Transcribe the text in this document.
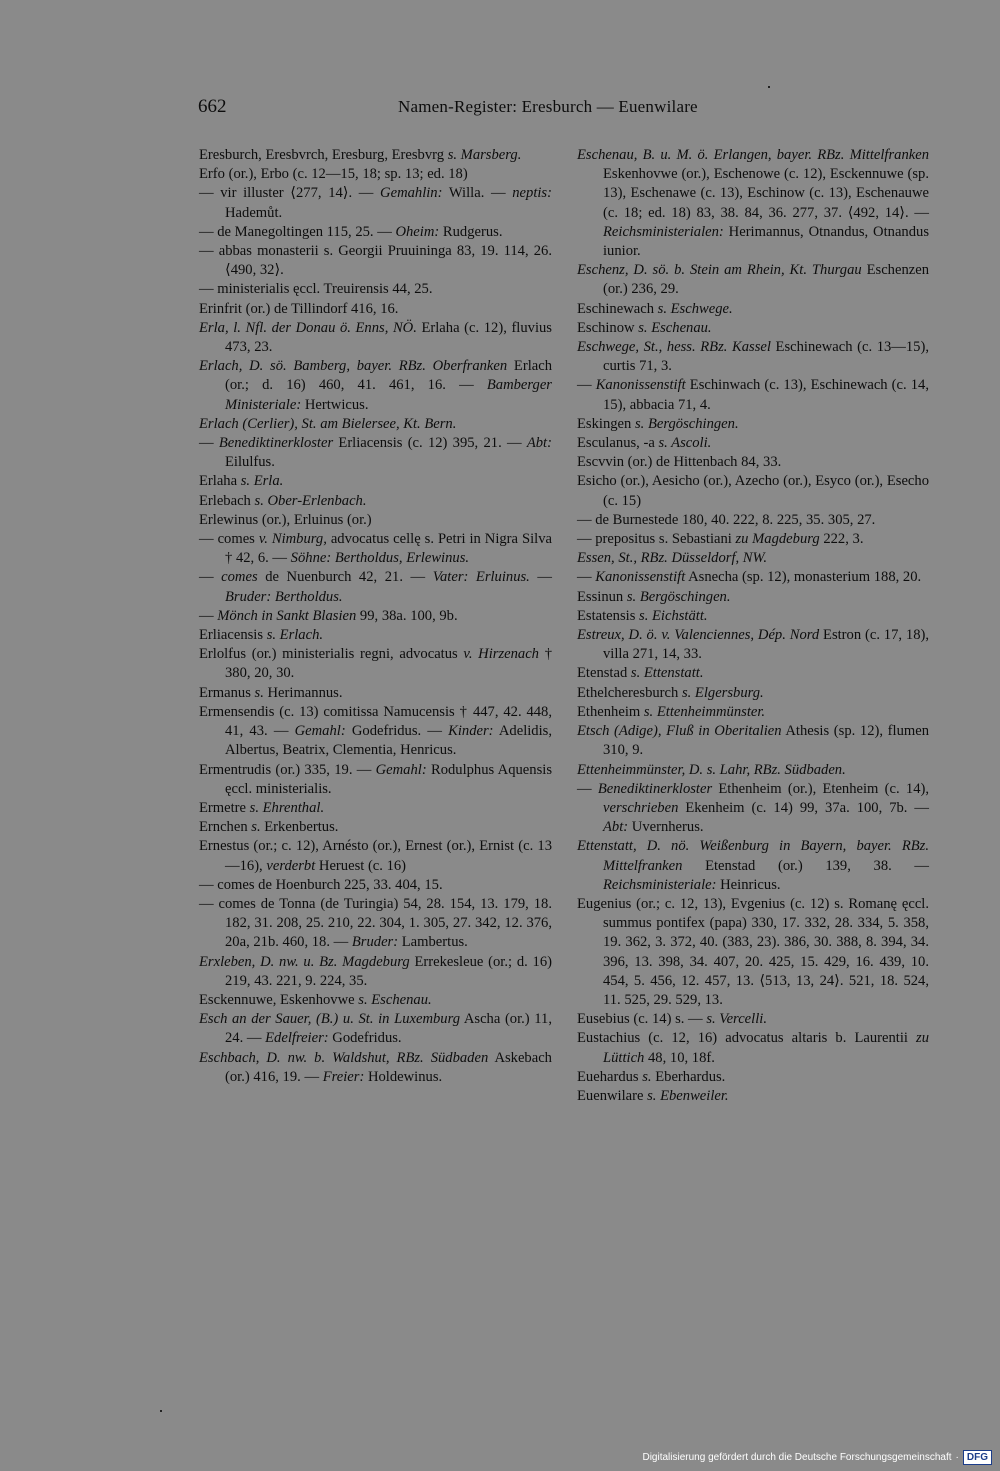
662	Namen-Register: Eresburch — Euenwilare

Eresburch, Eresbvrch, Eresburg, Eresbvrg s. Marsberg.

Erfo (or.), Erbo (c. 12—15, 18; sp. 13; ed. 18)

— vir illuster ⟨277, 14⟩. — Gemahlin: Willa. — neptis: Hademůt.

— de Manegoltingen 115, 25. — Oheim: Rudgerus.

— abbas monasterii s. Georgii Pruuininga 83, 19. 114, 26. ⟨490, 32⟩.

— ministerialis ęccl. Treuirensis 44, 25.

Erinfrit (or.) de Tillindorf 416, 16.

Erla, l. Nfl. der Donau ö. Enns, NÖ. Erlaha (c. 12), fluvius 473, 23.

Erlach, D. sö. Bamberg, bayer. RBz. Oberfranken Erlach (or.; d. 16) 460, 41. 461, 16. — Bamberger Ministeriale: Hertwicus.

Erlach (Cerlier), St. am Bielersee, Kt. Bern.

— Benediktinerkloster Erliacensis (c. 12) 395, 21. — Abt: Eilulfus.

Erlaha s. Erla.

Erlebach s. Ober-Erlenbach.

Erlewinus (or.), Erluinus (or.)

— comes v. Nimburg, advocatus cellę s. Petri in Nigra Silva † 42, 6. — Söhne: Bertholdus, Erlewinus.

— comes de Nuenburch 42, 21. — Vater: Erluinus. — Bruder: Bertholdus.

— Mönch in Sankt Blasien 99, 38a. 100, 9b.

Erliacensis s. Erlach.

Erlolfus (or.) ministerialis regni, advocatus v. Hirzenach † 380, 20, 30.

Ermanus s. Herimannus.

Ermensendis (c. 13) comitissa Namucensis † 447, 42. 448, 41, 43. — Gemahl: Godefridus. — Kinder: Adelidis, Albertus, Beatrix, Clementia, Henricus.

Ermentrudis (or.) 335, 19. — Gemahl: Rodulphus Aquensis ęccl. ministerialis.

Ermetre s. Ehrenthal.

Ernchen s. Erkenbertus.

Ernestus (or.; c. 12), Arnésto (or.), Ernest (or.), Ernist (c. 13—16), verderbt Heruest (c. 16)

— comes de Hoenburch 225, 33. 404, 15.

— comes de Tonna (de Turingia) 54, 28. 154, 13. 179, 18. 182, 31. 208, 25. 210, 22. 304, 1. 305, 27. 342, 12. 376, 20a, 21b. 460, 18. — Bruder: Lambertus.

Erxleben, D. nw. u. Bz. Magdeburg Errekesleue (or.; d. 16) 219, 43. 221, 9. 224, 35.

Esckennuwe, Eskenhovwe s. Eschenau.

Esch an der Sauer, (B.) u. St. in Luxemburg Ascha (or.) 11, 24. — Edelfreier: Godefridus.

Eschbach, D. nw. b. Waldshut, RBz. Südbaden Askebach (or.) 416, 19. — Freier: Holdewinus.

Eschenau, B. u. M. ö. Erlangen, bayer. RBz. Mittelfranken Eskenhovwe (or.), Eschenowe (c. 12), Esckennuwe (sp. 13), Eschenawe (c. 13), Eschinow (c. 13), Eschenauwe (c. 18; ed. 18) 83, 38. 84, 36. 277, 37. ⟨492, 14⟩. — Reichsministerialen: Herimannus, Otnandus, Otnandus iunior.

Eschenz, D. sö. b. Stein am Rhein, Kt. Thurgau Eschenzen (or.) 236, 29.

Eschinewach s. Eschwege.

Eschinow s. Eschenau.

Eschwege, St., hess. RBz. Kassel Eschinewach (c. 13—15), curtis 71, 3.

— Kanonissenstift Eschinwach (c. 13), Eschinewach (c. 14, 15), abbacia 71, 4.

Eskingen s. Bergöschingen.

Esculanus, -a s. Ascoli.

Escvvin (or.) de Hittenbach 84, 33.

Esicho (or.), Aesicho (or.), Azecho (or.), Esyco (or.), Esecho (c. 15)

— de Burnestede 180, 40. 222, 8. 225, 35. 305, 27.

— prepositus s. Sebastiani zu Magdeburg 222, 3.

Essen, St., RBz. Düsseldorf, NW.

— Kanonissenstift Asnecha (sp. 12), monasterium 188, 20.

Essinun s. Bergöschingen.

Estatensis s. Eichstätt.

Estreux, D. ö. v. Valenciennes, Dép. Nord Estron (c. 17, 18), villa 271, 14, 33.

Etenstad s. Ettenstatt.

Ethelcheresburch s. Elgersburg.

Ethenheim s. Ettenheimmünster.

Etsch (Adige), Fluß in Oberitalien Athesis (sp. 12), flumen 310, 9.

Ettenheimmünster, D. s. Lahr, RBz. Südbaden.

— Benediktinerkloster Ethenheim (or.), Etenheim (c. 14), verschrieben Ekenheim (c. 14) 99, 37a. 100, 7b. — Abt: Uvernherus.

Ettenstatt, D. nö. Weißenburg in Bayern, bayer. RBz. Mittelfranken Etenstad (or.) 139, 38. — Reichsministeriale: Heinricus.

Eugenius (or.; c. 12, 13), Evgenius (c. 12) s. Romanę ęccl. summus pontifex (papa) 330, 17. 332, 28. 334, 5. 358, 19. 362, 3. 372, 40. (383, 23). 386, 30. 388, 8. 394, 34. 396, 13. 398, 34. 407, 20. 425, 15. 429, 16. 439, 10. 454, 5. 456, 12. 457, 13. ⟨513, 13, 24⟩. 521, 18. 524, 11. 525, 29. 529, 13.

Eusebius (c. 14) s. — s. Vercelli.

Eustachius (c. 12, 16) advocatus altaris b. Laurentii zu Lüttich 48, 10, 18f.

Euehardus s. Eberhardus.

Euenwilare s. Ebenweiler.

Digitalisierung gefördert durch die Deutsche Forschungsgemeinschaft · DFG
